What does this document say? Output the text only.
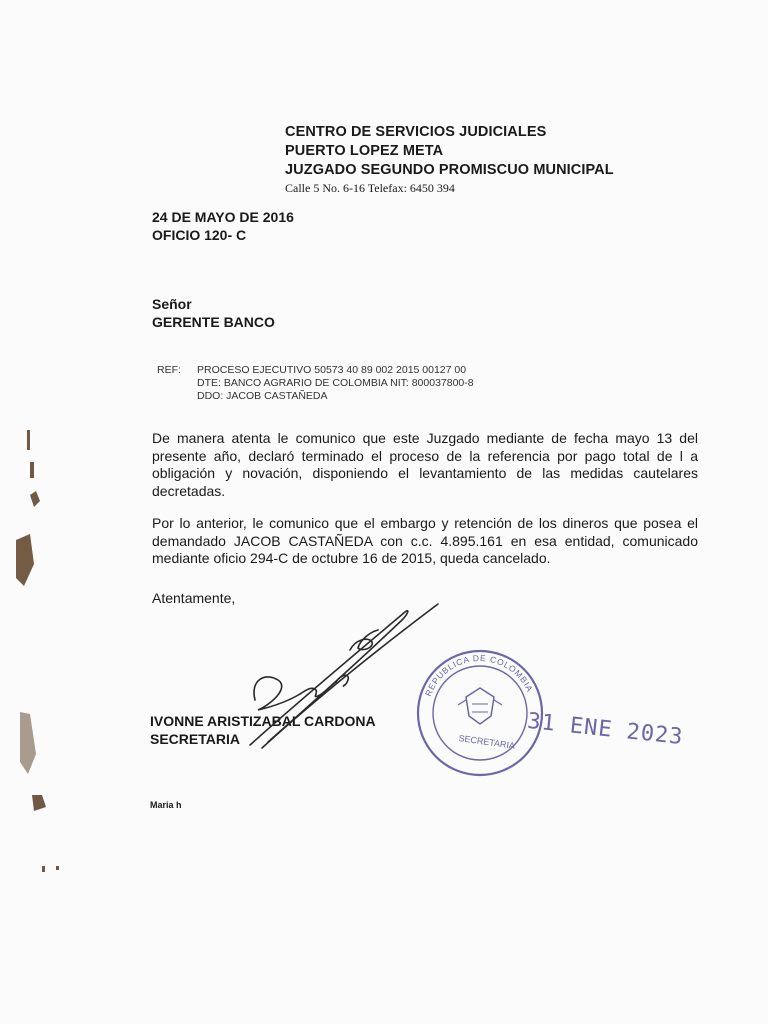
CENTRO DE SERVICIOS JUDICIALES
PUERTO LOPEZ META
JUZGADO SEGUNDO PROMISCUO MUNICIPAL
Calle 5 No. 6-16 Telefax: 6450 394
24 DE MAYO DE 2016
OFICIO 120- C
Señor
GERENTE BANCO
REF:	PROCESO EJECUTIVO 50573 40 89 002 2015 00127 00
DTE: BANCO AGRARIO DE COLOMBIA NIT: 800037800-8
DDO: JACOB CASTAÑEDA
De manera atenta le comunico que este Juzgado mediante de fecha mayo 13 del presente año, declaró terminado el proceso de la referencia por pago total de l a obligación y novación, disponiendo el levantamiento de las medidas cautelares decretadas.
Por lo anterior, le comunico que el embargo y retención de los dineros que posea el demandado JACOB CASTAÑEDA con c.c. 4.895.161 en esa entidad, comunicado mediante oficio 294-C de octubre 16 de 2015, queda cancelado.
Atentamente,
IVONNE ARISTIZABAL CARDONA
SECRETARIA
Maria h
REPUBLICA DE COLOMBIA
SECRETARIA 31 ENE 2023
